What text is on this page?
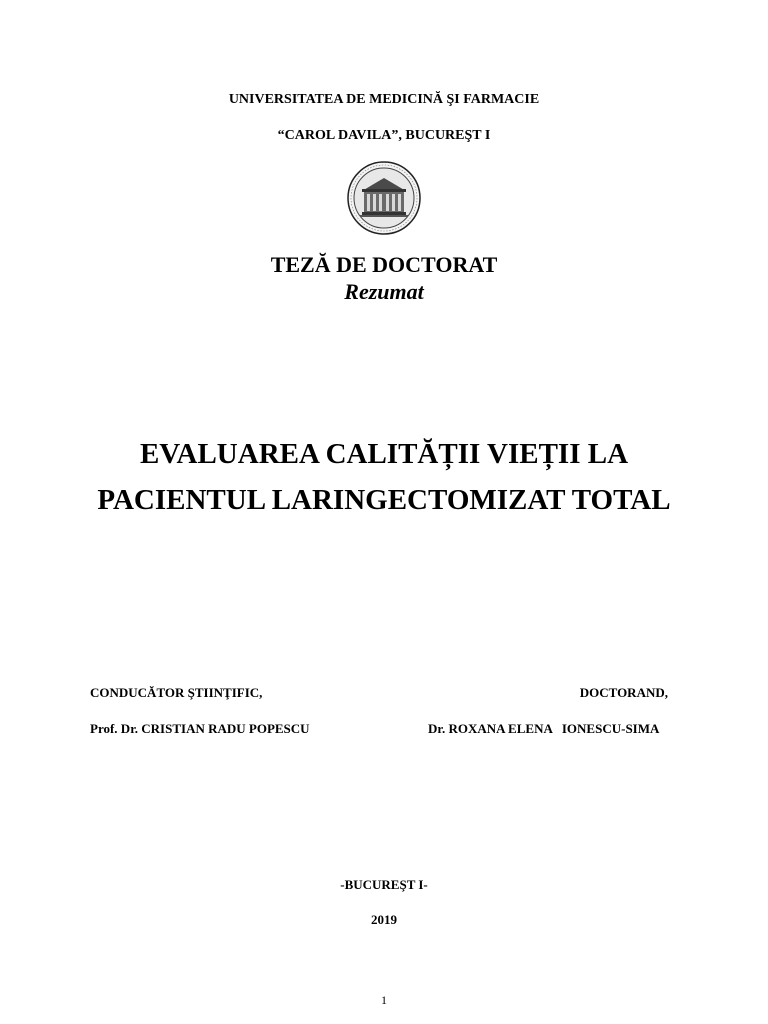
UNIVERSITATEA DE MEDICINĂ ŞI FARMACIE
“CAROL DAVILA”, BUCUREŞT I
TEZĂ DE DOCTORAT
Rezumat
EVALUAREA CALITĂȚII VIEȚII LA
PACIENTUL LARINGECTOMIZAT TOTAL
CONDUCĂTOR ŞTIINŢIFIC,	DOCTORAND,
Prof. Dr. CRISTIAN RADU POPESCU	Dr. ROXANA ELENA   IONESCU-SIMA
-BUCUREŞT I-
2019
1
